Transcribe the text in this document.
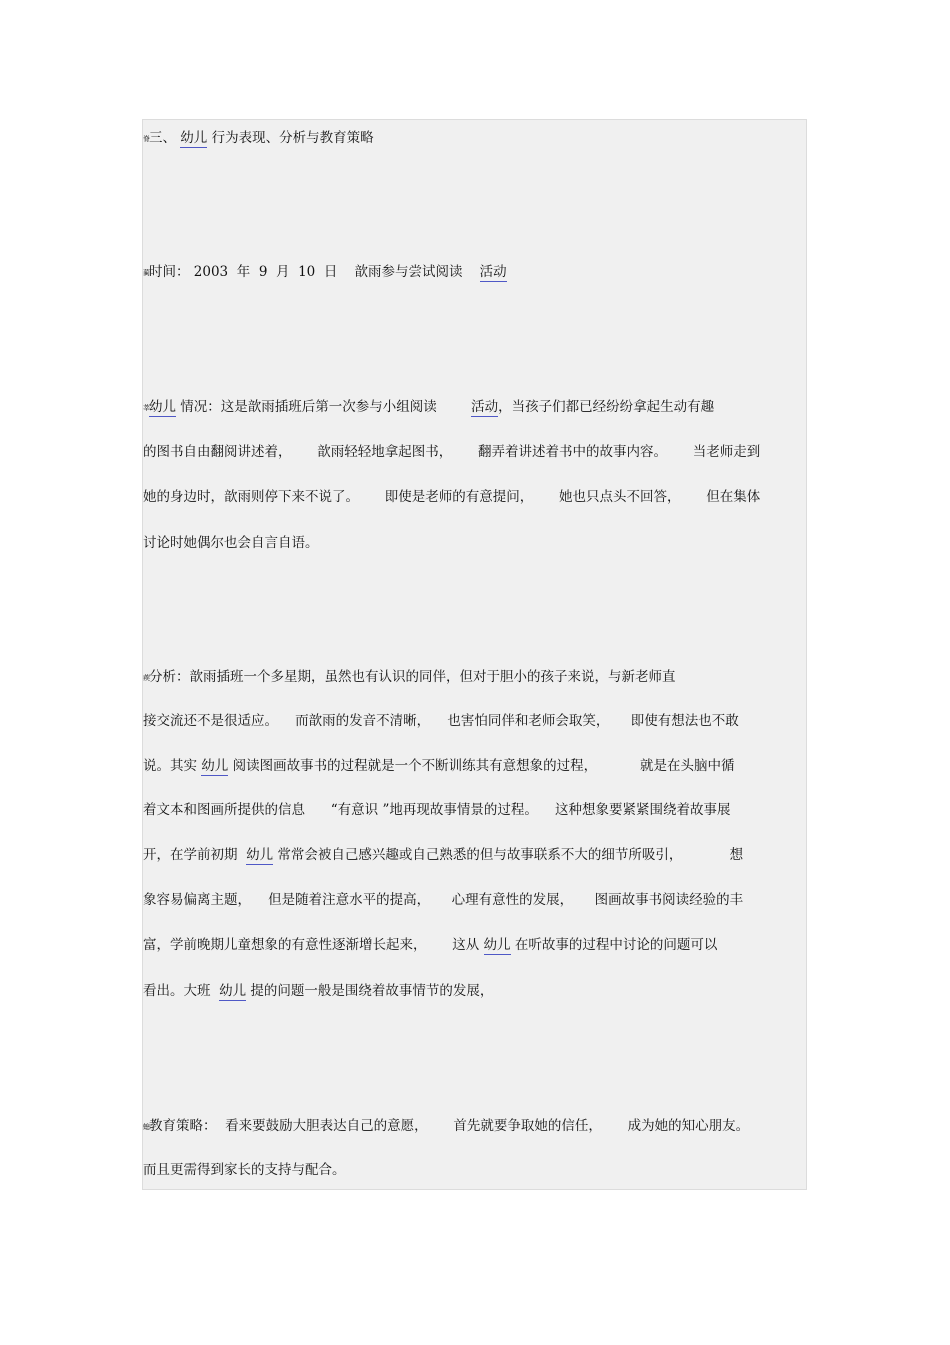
脊三、 幼儿 行为表现、分析与教育策略
蔺时间： 2003  年  9  月  10  日    歆雨参与尝试阅读    活动
莘幼儿 情况：这是歆雨插班后第一次参与小组阅读        活动，当孩子们都已经纷纷拿起生动有趣
的图书自由翻阅讲述着，      歆雨轻轻地拿起图书，      翻弄着讲述着书中的故事内容。      当老师走到
她的身边时，歆雨则停下来不说了。      即使是老师的有意提问，      她也只点头不回答，      但在集体
讨论时她偶尔也会自言自语。
蒺分析：歆雨插班一个多星期，虽然也有认识的同伴，但对于胆小的孩子来说，与新老师直
接交流还不是很适应。    而歆雨的发音不清晰，    也害怕同伴和老师会取笑，     即使有想法也不敢
说。其实 幼儿 阅读图画故事书的过程就是一个不断训练其有意想象的过程，          就是在头脑中循
着文本和图画所提供的信息      “有意识 ”地再现故事情景的过程。    这种想象要紧紧围绕着故事展
开，在学前初期  幼儿 常常会被自己感兴趣或自己熟悉的但与故事联系不大的细节所吸引，           想
象容易偏离主题，    但是随着注意水平的提高，     心理有意性的发展，     图画故事书阅读经验的丰
富，学前晚期儿童想象的有意性逐渐增长起来，      这从 幼儿 在听故事的过程中讨论的问题可以
看出。大班  幼儿 提的问题一般是围绕着故事情节的发展，
螅教育策略：  看来要鼓励大胆表达自己的意愿，      首先就要争取她的信任，      成为她的知心朋友。
而且更需得到家长的支持与配合。
